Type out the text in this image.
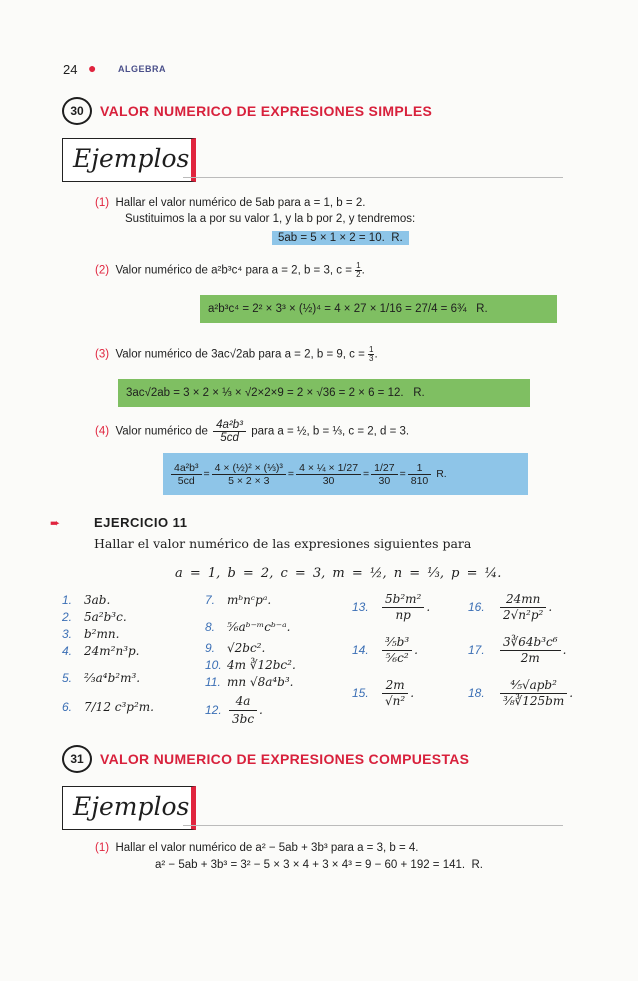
24 ● ALGEBRA
30	VALOR NUMERICO DE EXPRESIONES SIMPLES
Ejemplos
(1) Hallar el valor numérico de 5ab para a = 1, b = 2.
Sustituimos la a por su valor 1, y la b por 2, y tendremos:
5ab = 5 × 1 × 2 = 10. R.
(2) Valor numérico de a²b³c⁴ para a = 2, b = 3, $c = \frac{1}{2}$ .
a²b³c⁴ = 2² × 3³ × (½)⁴ = 4 × 27 × 1/16 = 27/4 = 6¾ R.
(3) Valor numérico de 3ac√2ab para a = 2, b = 9, $c = \frac{1}{3}$ .
3ac√2ab = 3 × 2 × ⅓ × √2×2×9 = 2 × √36 = 2 × 6 = 12. R.
(4) Valor numérico de $\frac{\text{4a²b³}}{5cd}$ para a = ½, b = ⅓, c = 2, d = 3.
$\frac{\text{4a²b³}}{5cd} = \frac{\text{4 × (½)² × (⅓)³}}{5 \times 2 \times 3} = \frac{\text{4 × ¼ × 1/27}}{30} = \frac{1/27}{30} = \frac{1}{810}$
R.
➨	EJERCICIO 11
Hallar el valor numérico de las expresiones siguientes para
a = 1, b = 2, c = 3, m = ½, n = ⅓, p = ¼.
1. 3ab.
2. 5a²b³c.
3. b²mn.
4. 24m²n³p.
5. ⅔a⁴b²m³.
6. 7/12 c³p²m.
7. mᵇnᶜpᵃ.
8. ⅚aᵇ⁻ᵐcᵇ⁻ᵃ.
9. √2bc².
10. 4m ∛12bc².
11. mn √8a⁴b³.
12. $\frac{4a}{3bc}$ .
13. $\frac{\text{5b²m²}}{np}$ .
14. $\frac{\text{⅗b³}}{\text{⅚c²}}$ .
15. $\frac{2m}{\text{√n²}}$ .
16. $\frac{24mn}{\text{2√n²p²}}$ .
17. $\frac{\text{3∛64b³c⁶}}{2m}$ .
18. $\frac{\text{⅘√apb²}}{\text{⅜∛125bm}}$ .
31	VALOR NUMERICO DE EXPRESIONES COMPUESTAS
Ejemplos
(1) Hallar el valor numérico de a² − 5ab + 3b³ para a = 3, b = 4.
a² − 5ab + 3b³ = 3² − 5 × 3 × 4 + 3 × 4³ = 9 − 60 + 192 = 141. R.
